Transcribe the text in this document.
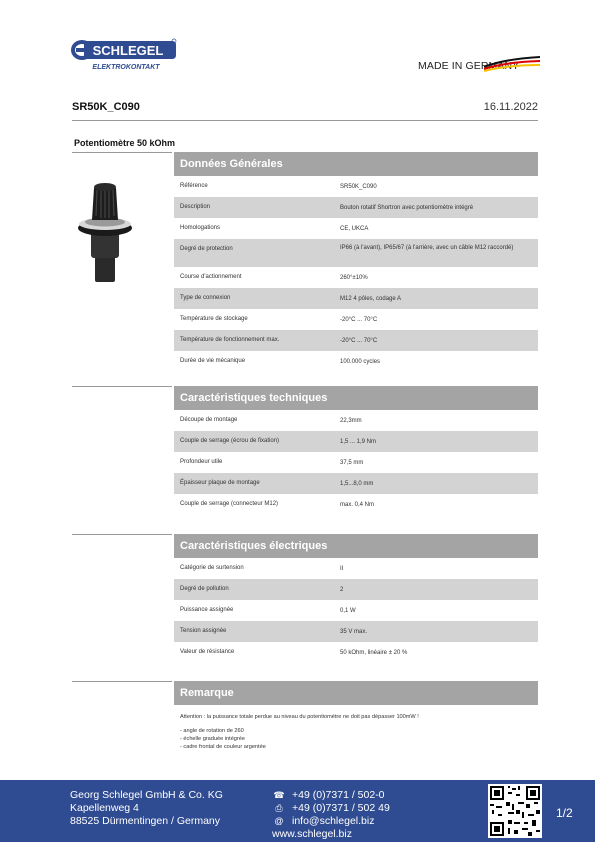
SCHLEGEL
ELEKTROKONTAKT	MADE IN GERMANY
SR50K_C090	16.11.2022
Potentiomètre 50 kOhm
Données Générales
Référence	SR50K_C090
Description	Bouton rotatif Shortron avec potentiomètre intégré
Homologations	CE, UKCA
Degré de protection	IP66 (à l'avant), IP65/67 (à l'arrière, avec un câble M12 raccordé)
Course d'actionnement	260°±10%
Type de connexion	M12 4 pôles, codage A
Température de stockage	-20°C ... 70°C
Température de fonctionnement max.	-20°C ... 70°C
Durée de vie mécanique	100.000 cycles
Caractéristiques techniques
Découpe de montage	22,3mm
Couple de serrage (écrou de fixation)	1,5 ... 1,9 Nm
Profondeur utile	37,5 mm
Épaisseur plaque de montage	1,5...8,0 mm
Couple de serrage (connecteur M12)	max. 0,4 Nm
Caractéristiques électriques
Catégorie de surtension	II
Degré de pollution	2
Puissance assignée	0,1 W
Tension assignée	35 V max.
Valeur de résistance	50 kOhm, linéaire ± 20 %
Remarque

Attention : la puissance totale perdue au niveau du potentiomètre ne doit pas dépasser 100mW !

- angle de rotation de 260
- échelle graduée intégrée
- cadre frontal de couleur argentée
Georg Schlegel GmbH & Co. KG
Kapellenweg 4
88525 Dürmentingen / Germany
☎ +49 (0)7371 / 502-0
⎙ +49 (0)7371 / 502 49
@ info@schlegel.biz
www.schlegel.biz
1/2
